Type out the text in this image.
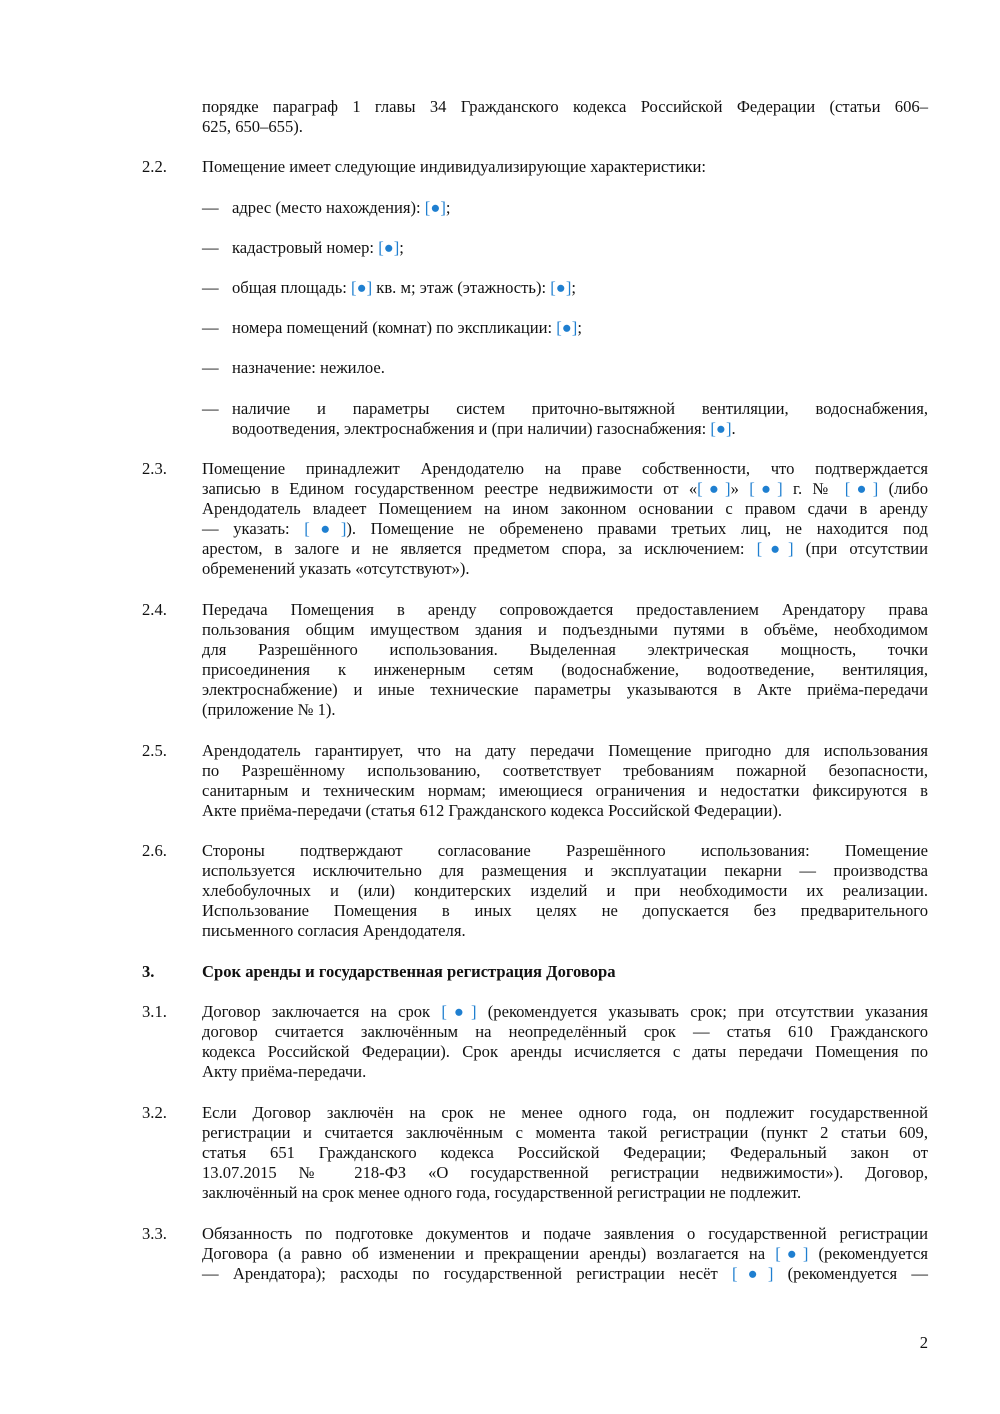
порядке параграф 1 главы 34 Гражданского кодекса Российской Федерации (статьи 606–
625, 650–655).
2.2. Помещение имеет следующие индивидуализирующие характеристики:
— адрес (место нахождения): [●];
— кадастровый номер: [●];
— общая площадь: [●] кв. м; этаж (этажность): [●];
— номера помещений (комнат) по экспликации: [●];
— назначение: нежилое.
— наличие и параметры систем приточно-вытяжной вентиляции, водоснабжения,
водоотведения, электроснабжения и (при наличии) газоснабжения: [●].
2.3. Помещение принадлежит Арендодателю на праве собственности, что подтверждается
записью в Едином государственном реестре недвижимости от «[●]» [●] г. № [●] (либо
Арендодатель владеет Помещением на ином законном основании с правом сдачи в аренду
— указать: [●]). Помещение не обременено правами третьих лиц, не находится под
арестом, в залоге и не является предметом спора, за исключением: [●] (при отсутствии
обременений указать «отсутствуют»).
2.4. Передача Помещения в аренду сопровождается предоставлением Арендатору права
пользования общим имуществом здания и подъездными путями в объёме, необходимом
для Разрешённого использования. Выделенная электрическая мощность, точки
присоединения к инженерным сетям (водоснабжение, водоотведение, вентиляция,
электроснабжение) и иные технические параметры указываются в Акте приёма-передачи
(приложение № 1).
2.5. Арендодатель гарантирует, что на дату передачи Помещение пригодно для использования
по Разрешённому использованию, соответствует требованиям пожарной безопасности,
санитарным и техническим нормам; имеющиеся ограничения и недостатки фиксируются в
Акте приёма-передачи (статья 612 Гражданского кодекса Российской Федерации).
2.6. Стороны подтверждают согласование Разрешённого использования: Помещение
используется исключительно для размещения и эксплуатации пекарни — производства
хлебобулочных и (или) кондитерских изделий и при необходимости их реализации.
Использование Помещения в иных целях не допускается без предварительного
письменного согласия Арендодателя.
3.	Срок аренды и государственная регистрация Договора
3.1. Договор заключается на срок [●] (рекомендуется указывать срок; при отсутствии указания
договор считается заключённым на неопределённый срок — статья 610 Гражданского
кодекса Российской Федерации). Срок аренды исчисляется с даты передачи Помещения по
Акту приёма-передачи.
3.2. Если Договор заключён на срок не менее одного года, он подлежит государственной
регистрации и считается заключённым с момента такой регистрации (пункт 2 статьи 609,
статья 651 Гражданского кодекса Российской Федерации; Федеральный закон от
13.07.2015 № 218-ФЗ «О государственной регистрации недвижимости»). Договор,
заключённый на срок менее одного года, государственной регистрации не подлежит.
3.3. Обязанность по подготовке документов и подаче заявления о государственной регистрации
Договора (а равно об изменении и прекращении аренды) возлагается на [●] (рекомендуется
— Арендатора); расходы по государственной регистрации несёт [●] (рекомендуется —
2
